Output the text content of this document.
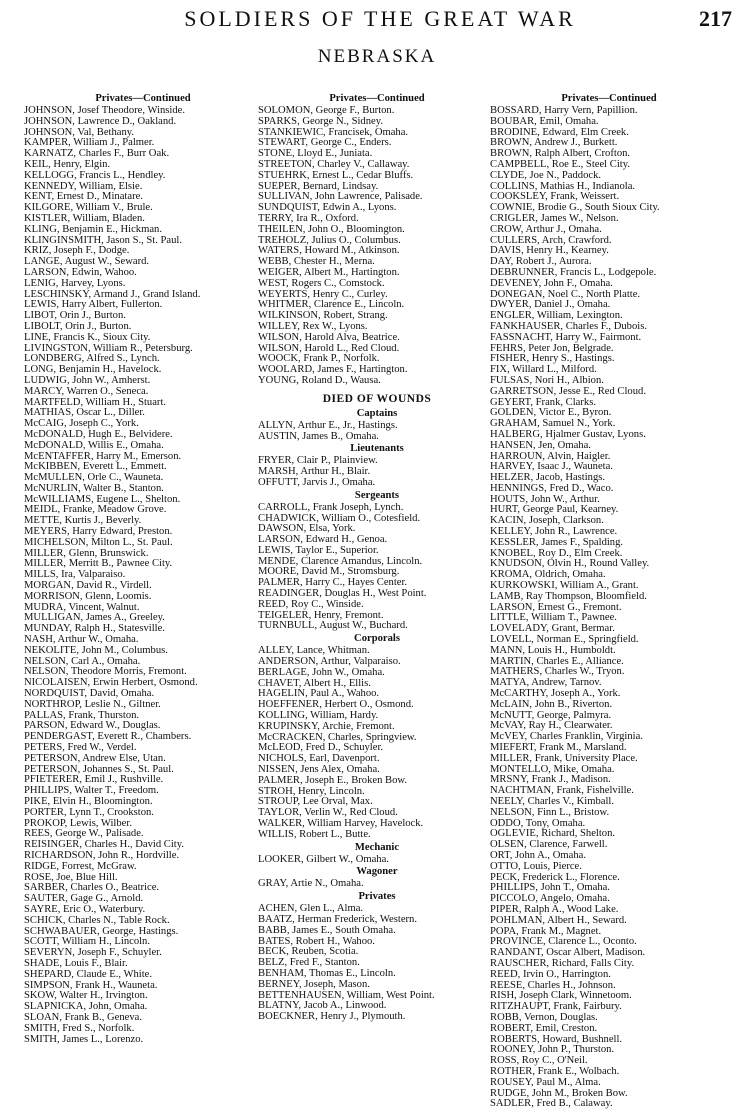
SOLDIERS OF THE GREAT WAR	217
NEBRASKA
Privates—Continued
JOHNSON, Josef Theodore, Winside.
JOHNSON, Lawrence D., Oakland.
JOHNSON, Val, Bethany.
KAMPER, William J., Palmer.
KARNATZ, Charles F., Burr Oak.
KEIL, Henry, Elgin.
KELLOGG, Francis L., Hendley.
KENNEDY, William, Elsie.
KENT, Ernest D., Minatare.
KILGORE, William V., Brule.
KISTLER, William, Bladen.
KLING, Benjamin E., Hickman.
KLINGINSMITH, Jason S., St. Paul.
KRIZ, Joseph F., Dodge.
LANGE, August W., Seward.
LARSON, Edwin, Wahoo.
LENIG, Harvey, Lyons.
LESCHINSKY, Armand J., Grand Island.
LEWIS, Harry Albert, Fullerton.
LIBOT, Orin J., Burton.
LIBOLT, Orin J., Burton.
LINE, Francis K., Sioux City.
LIVINGSTON, William R., Petersburg.
LONDBERG, Alfred S., Lynch.
LONG, Benjamin H., Havelock.
LUDWIG, John W., Amherst.
MARCY, Warren O., Seneca.
MARTFELD, William H., Stuart.
MATHIAS, Oscar L., Diller.
McCAIG, Joseph C., York.
McDONALD, Hugh E., Belvidere.
McDONALD, Willis E., Omaha.
McENTAFFER, Harry M., Emerson.
McKIBBEN, Everett L., Emmett.
McMULLEN, Orle C., Wauneta.
McNURLIN, Walter B., Stanton.
McWILLIAMS, Eugene L., Shelton.
MEIDL, Franke, Meadow Grove.
METTE, Kurtis J., Beverly.
MEYERS, Harry Edward, Preston.
MICHELSON, Milton L., St. Paul.
MILLER, Glenn, Brunswick.
MILLER, Merritt B., Pawnee City.
MILLS, Ira, Valparaiso.
MORGAN, David R., Virdell.
MORRISON, Glenn, Loomis.
MUDRA, Vincent, Walnut.
MULLIGAN, James A., Greeley.
MUNDAY, Ralph H., Statesville.
NASH, Arthur W., Omaha.
NEKOLITE, John M., Columbus.
NELSON, Carl A., Omaha.
NELSON, Theodore Morris, Fremont.
NICOLAISEN, Erwin Herbert, Osmond.
NORDQUIST, David, Omaha.
NORTHROP, Leslie N., Giltner.
PALLAS, Frank, Thurston.
PARSON, Edward W., Douglas.
PENDERGAST, Everett R., Chambers.
PETERS, Fred W., Verdel.
PETERSON, Andrew Else, Utan.
PETERSON, Johannes S., St. Paul.
PFIETERER, Emil J., Rushville.
PHILLIPS, Walter T., Freedom.
PIKE, Elvin H., Bloomington.
PORTER, Lynn T., Crookston.
PROKOP, Lewis, Wilber.
REES, George W., Palisade.
REISINGER, Charles H., David City.
RICHARDSON, John R., Hordville.
RIDGE, Forrest, McGraw.
ROSE, Joe, Blue Hill.
SARBER, Charles O., Beatrice.
SAUTER, Gage G., Arnold.
SAYRE, Eric O., Waterbury.
SCHICK, Charles N., Table Rock.
SCHWABAUER, George, Hastings.
SCOTT, William H., Lincoln.
SEVERYN, Joseph F., Schuyler.
SHADE, Louis F., Blair.
SHEPARD, Claude E., White.
SIMPSON, Frank H., Wauneta.
SKOW, Walter H., Irvington.
SLAPNICKA, John, Omaha.
SLOAN, Frank B., Geneva.
SMITH, Fred S., Norfolk.
SMITH, James L., Lorenzo.
Privates—Continued
SOLOMON, George F., Burton.
SPARKS, George N., Sidney.
STANKIEWIC, Francisek, Omaha.
STEWART, George C., Enders.
STONE, Lloyd E., Juniata.
STREETON, Charley V., Callaway.
STUEHRK, Ernest L., Cedar Bluffs.
SUEPER, Bernard, Lindsay.
SULLIVAN, John Lawrence, Palisade.
SUNDQUIST, Edwin A., Lyons.
TERRY, Ira R., Oxford.
THEILEN, John O., Bloomington.
TREHOLZ, Julius O., Columbus.
WATERS, Howard M., Atkinson.
WEBB, Chester H., Merna.
WEIGER, Albert M., Hartington.
WEST, Rogers C., Comstock.
WEYERTS, Henry C., Curley.
WHITMER, Clarence E., Lincoln.
WILKINSON, Robert, Strang.
WILLEY, Rex W., Lyons.
WILSON, Harold Alva, Beatrice.
WILSON, Harold L., Red Cloud.
WOOCK, Frank P., Norfolk.
WOOLARD, James F., Hartington.
YOUNG, Roland D., Wausa.
DIED OF WOUNDS
Captains
ALLYN, Arthur E., Jr., Hastings.
AUSTIN, James B., Omaha.
Lieutenants
FRYER, Clair P., Plainview.
MARSH, Arthur H., Blair.
OFFUTT, Jarvis J., Omaha.
Sergeants
CARROLL, Frank Joseph, Lynch.
CHADWICK, William O., Cotesfield.
DAWSON, Elsa, York.
LARSON, Edward H., Genoa.
LEWIS, Taylor E., Superior.
MENDE, Clarence Amandus, Lincoln.
MOORE, David M., Stromsburg.
PALMER, Harry C., Hayes Center.
READINGER, Douglas H., West Point.
REED, Roy C., Winside.
TEIGELER, Henry, Fremont.
TURNBULL, August W., Buchard.
Corporals
ALLEY, Lance, Whitman.
ANDERSON, Arthur, Valparaiso.
BERLAGE, John W., Omaha.
CHAVET, Albert H., Ellis.
HAGELIN, Paul A., Wahoo.
HOEFFENER, Herbert O., Osmond.
KOLLING, William, Hardy.
KRUPINSKY, Archie, Fremont.
McCRACKEN, Charles, Springview.
McLEOD, Fred D., Schuyler.
NICHOLS, Earl, Davenport.
NISSEN, Jens Alex, Omaha.
PALMER, Joseph E., Broken Bow.
STROH, Henry, Lincoln.
STROUP, Lee Orval, Max.
TAYLOR, Verlin W., Red Cloud.
WALKER, William Harvey, Havelock.
WILLIS, Robert L., Butte.
Mechanic
LOOKER, Gilbert W., Omaha.
Wagoner
GRAY, Artie N., Omaha.
Privates
ACHEN, Glen L., Alma.
BAATZ, Herman Frederick, Western.
BABB, James E., South Omaha.
BATES, Robert H., Wahoo.
BECK, Reuben, Scotia.
BELZ, Fred F., Stanton.
BENHAM, Thomas E., Lincoln.
BERNEY, Joseph, Mason.
BETTENHAUSEN, William, West Point.
BLATNY, Jacob A., Linwood.
BOECKNER, Henry J., Plymouth.
Privates—Continued
BOSSARD, Harry Vern, Papillion.
BOUBAR, Emil, Omaha.
BRODINE, Edward, Elm Creek.
BROWN, Andrew J., Burkett.
BROWN, Ralph Albert, Crofton.
CAMPBELL, Roe E., Steel City.
CLYDE, Joe N., Paddock.
COLLINS, Mathias H., Indianola.
COOKSLEY, Frank, Weissert.
COWNIE, Brodie G., South Sioux City.
CRIGLER, James W., Nelson.
CROW, Arthur J., Omaha.
CULLERS, Arch, Crawford.
DAVIS, Henry H., Kearney.
DAY, Robert J., Aurora.
DEBRUNNER, Francis L., Lodgepole.
DEVENEY, John F., Omaha.
DONEGAN, Noel C., North Platte.
DWYER, Daniel J., Omaha.
ENGLER, William, Lexington.
FANKHAUSER, Charles F., Dubois.
FASSNACHT, Harry W., Fairmont.
FEHRS, Peter Jon, Belgrade.
FISHER, Henry S., Hastings.
FIX, Willard L., Milford.
FULSAS, Nori H., Albion.
GARRETSON, Jesse E., Red Cloud.
GEYERT, Frank, Clarks.
GOLDEN, Victor E., Byron.
GRAHAM, Samuel N., York.
HALBERG, Hjalmer Gustav, Lyons.
HANSEN, Jen, Omaha.
HARROUN, Alvin, Haigler.
HARVEY, Isaac J., Wauneta.
HELZER, Jacob, Hastings.
HENNINGS, Fred D., Waco.
HOUTS, John W., Arthur.
HURT, George Paul, Kearney.
KACIN, Joseph, Clarkson.
KELLEY, John R., Lawrence.
KESSLER, James F., Spalding.
KNOBEL, Roy D., Elm Creek.
KNUDSON, Olvin H., Round Valley.
KROMA, Oldrich, Omaha.
KURKOWSKI, William A., Grant.
LAMB, Ray Thompson, Bloomfield.
LARSON, Ernest G., Fremont.
LITTLE, William T., Pawnee.
LOVELADY, Grant, Bermar.
LOVELL, Norman E., Springfield.
MANN, Louis H., Humboldt.
MARTIN, Charles E., Alliance.
MATHERS, Charles W., Tryon.
MATYA, Andrew, Tarnov.
McCARTHY, Joseph A., York.
McLAIN, John B., Riverton.
McNUTT, George, Palmyra.
McVAY, Ray H., Clearwater.
McVEY, Charles Franklin, Virginia.
MIEFERT, Frank M., Marsland.
MILLER, Frank, University Place.
MONTELLO, Mike, Omaha.
MRSNY, Frank J., Madison.
NACHTMAN, Frank, Fishelville.
NEELY, Charles V., Kimball.
NELSON, Finn L., Bristow.
ODDO, Tony, Omaha.
OGLEVIE, Richard, Shelton.
OLSEN, Clarence, Farwell.
ORT, John A., Omaha.
OTTO, Louis, Pierce.
PECK, Frederick L., Florence.
PHILLIPS, John T., Omaha.
PICCOLO, Angelo, Omaha.
PIPER, Ralph A., Wood Lake.
POHLMAN, Albert H., Seward.
POPA, Frank M., Magnet.
PROVINCE, Clarence L., Oconto.
RANDANT, Oscar Albert, Madison.
RAUSCHER, Richard, Falls City.
REED, Irvin O., Harrington.
REESE, Charles H., Johnson.
RISH, Joseph Clark, Winnetoom.
RITZHAUPT, Frank, Fairbury.
ROBB, Vernon, Douglas.
ROBERT, Emil, Creston.
ROBERTS, Howard, Bushnell.
ROONEY, John P., Thurston.
ROSS, Roy C., O'Neil.
ROTHER, Frank E., Wolbach.
ROUSEY, Paul M., Alma.
RUDGE, John M., Broken Bow.
SADLER, Fred B., Calaway.
